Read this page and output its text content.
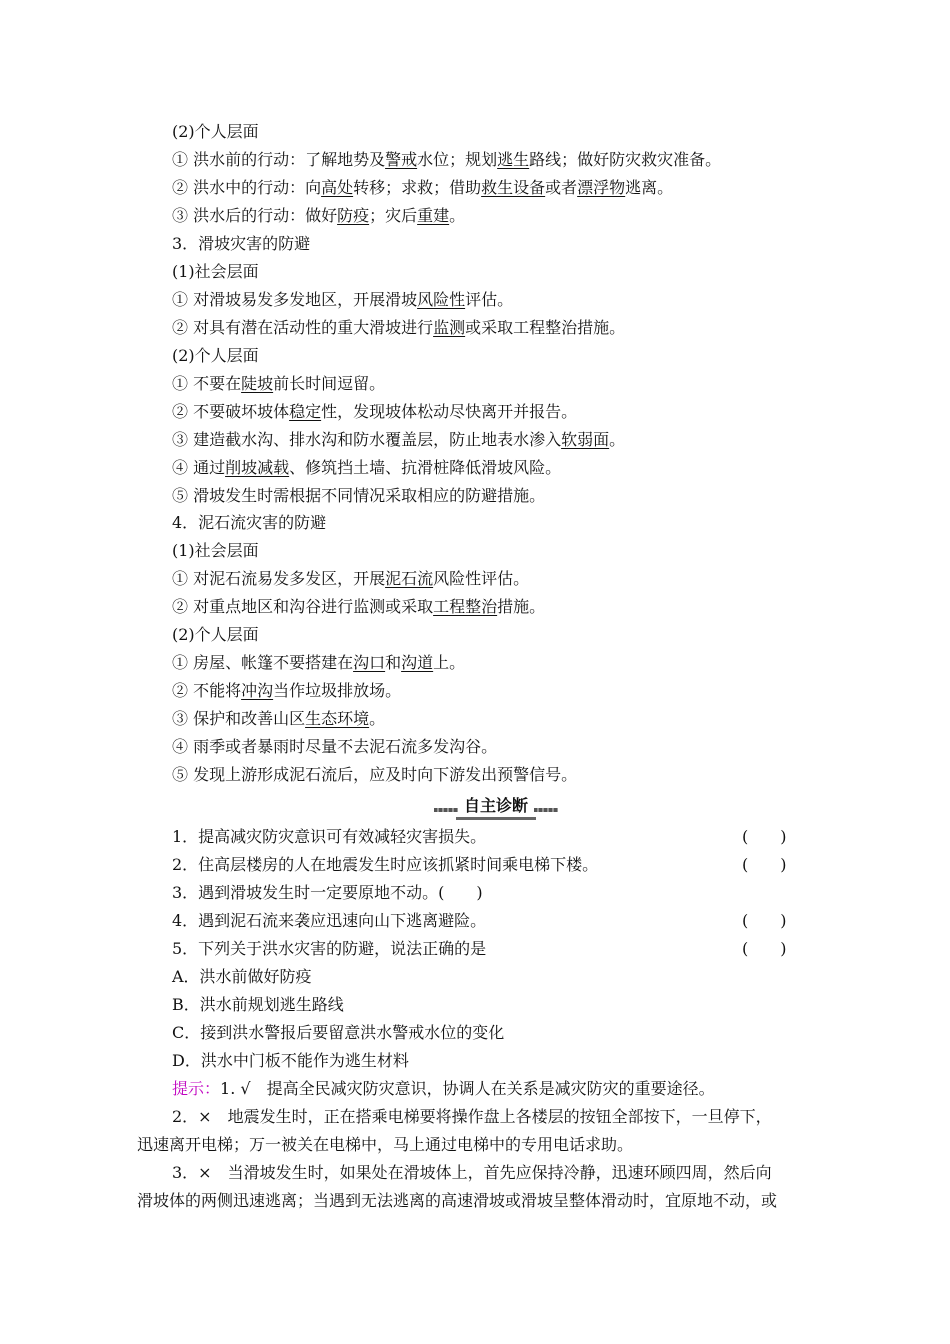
(2)个人层面
① 洪水前的行动：了解地势及警戒水位；规划逃生路线；做好防灾救灾准备。
② 洪水中的行动：向高处转移；求救；借助救生设备或者漂浮物逃离。
③ 洪水后的行动：做好防疫；灾后重建。
3．滑坡灾害的防避
(1)社会层面
① 对滑坡易发多发地区，开展滑坡风险性评估。
② 对具有潜在活动性的重大滑坡进行监测或采取工程整治措施。
(2)个人层面
① 不要在陡坡前长时间逗留。
② 不要破坏坡体稳定性，发现坡体松动尽快离开并报告。
③ 建造截水沟、排水沟和防水覆盖层，防止地表水渗入软弱面。
④ 通过削坡减载、修筑挡土墙、抗滑桩降低滑坡风险。
⑤ 滑坡发生时需根据不同情况采取相应的防避措施。
4．泥石流灾害的防避
(1)社会层面
① 对泥石流易发多发区，开展泥石流风险性评估。
② 对重点地区和沟谷进行监测或采取工程整治措施。
(2)个人层面
① 房屋、帐篷不要搭建在沟口和沟道上。
② 不能将冲沟当作垃圾排放场。
③ 保护和改善山区生态环境。
④ 雨季或者暴雨时尽量不去泥石流多发沟谷。
⑤ 发现上游形成泥石流后，应及时向下游发出预警信号。
自主诊断
1．提高减灾防灾意识可有效减轻灾害损失。	(　　)
2．住高层楼房的人在地震发生时应该抓紧时间乘电梯下楼。	(　　)
3．遇到滑坡发生时一定要原地不动。(　　)
4．遇到泥石流来袭应迅速向山下逃离避险。	(　　)
5．下列关于洪水灾害的防避，说法正确的是	(　　)
A．洪水前做好防疫
B．洪水前规划逃生路线
C．接到洪水警报后要留意洪水警戒水位的变化
D．洪水中门板不能作为逃生材料
提示：1. √　提高全民减灾防灾意识，协调人在关系是减灾防灾的重要途径。
2．×　地震发生时，正在搭乘电梯要将操作盘上各楼层的按钮全部按下，一旦停下，
迅速离开电梯；万一被关在电梯中，马上通过电梯中的专用电话求助。
3．×　当滑坡发生时，如果处在滑坡体上，首先应保持冷静，迅速环顾四周，然后向
滑坡体的两侧迅速逃离；当遇到无法逃离的高速滑坡或滑坡呈整体滑动时，宜原地不动，或
